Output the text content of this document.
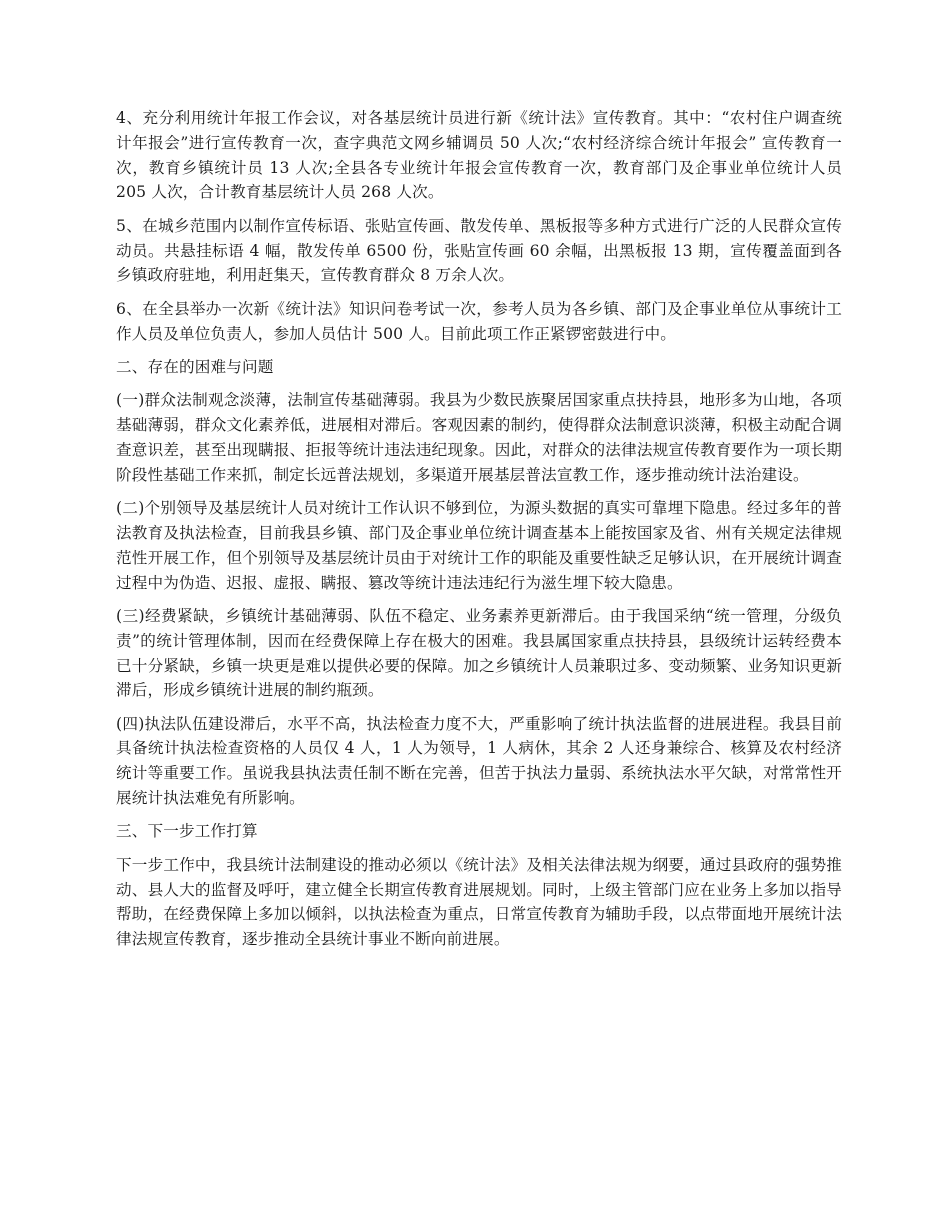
4、充分利用统计年报工作会议，对各基层统计员进行新《统计法》宣传教育。其中：“农村住户调查统计年报会”进行宣传教育一次，查字典范文网乡辅调员 50 人次;“农村经济综合统计年报会” 宣传教育一次，教育乡镇统计员 13 人次;全县各专业统计年报会宣传教育一次，教育部门及企事业单位统计人员 205 人次，合计教育基层统计人员 268 人次。

5、在城乡范围内以制作宣传标语、张贴宣传画、散发传单、黑板报等多种方式进行广泛的人民群众宣传动员。共悬挂标语 4 幅，散发传单 6500 份，张贴宣传画 60 余幅，出黑板报 13 期，宣传覆盖面到各乡镇政府驻地，利用赶集天，宣传教育群众 8 万余人次。

6、在全县举办一次新《统计法》知识问卷考试一次，参考人员为各乡镇、部门及企事业单位从事统计工作人员及单位负责人，参加人员估计 500 人。目前此项工作正紧锣密鼓进行中。

二、存在的困难与问题

(一)群众法制观念淡薄，法制宣传基础薄弱。我县为少数民族聚居国家重点扶持县，地形多为山地，各项基础薄弱，群众文化素养低，进展相对滞后。客观因素的制约，使得群众法制意识淡薄，积极主动配合调查意识差，甚至出现瞒报、拒报等统计违法违纪现象。因此，对群众的法律法规宣传教育要作为一项长期阶段性基础工作来抓，制定长远普法规划，多渠道开展基层普法宣教工作，逐步推动统计法治建设。

(二)个别领导及基层统计人员对统计工作认识不够到位，为源头数据的真实可靠埋下隐患。经过多年的普法教育及执法检查，目前我县乡镇、部门及企事业单位统计调查基本上能按国家及省、州有关规定法律规范性开展工作，但个别领导及基层统计员由于对统计工作的职能及重要性缺乏足够认识，在开展统计调查过程中为伪造、迟报、虚报、瞒报、篡改等统计违法违纪行为滋生埋下较大隐患。

(三)经费紧缺，乡镇统计基础薄弱、队伍不稳定、业务素养更新滞后。由于我国采纳“统一管理，分级负责”的统计管理体制，因而在经费保障上存在极大的困难。我县属国家重点扶持县，县级统计运转经费本已十分紧缺，乡镇一块更是难以提供必要的保障。加之乡镇统计人员兼职过多、变动频繁、业务知识更新滞后，形成乡镇统计进展的制约瓶颈。

(四)执法队伍建设滞后，水平不高，执法检查力度不大，严重影响了统计执法监督的进展进程。我县目前具备统计执法检查资格的人员仅 4 人，1 人为领导，1 人病休，其余 2 人还身兼综合、核算及农村经济统计等重要工作。虽说我县执法责任制不断在完善，但苦于执法力量弱、系统执法水平欠缺，对常常性开展统计执法难免有所影响。

三、下一步工作打算

下一步工作中，我县统计法制建设的推动必须以《统计法》及相关法律法规为纲要，通过县政府的强势推动、县人大的监督及呼吁，建立健全长期宣传教育进展规划。同时，上级主管部门应在业务上多加以指导帮助，在经费保障上多加以倾斜，以执法检查为重点，日常宣传教育为辅助手段，以点带面地开展统计法律法规宣传教育，逐步推动全县统计事业不断向前进展。
